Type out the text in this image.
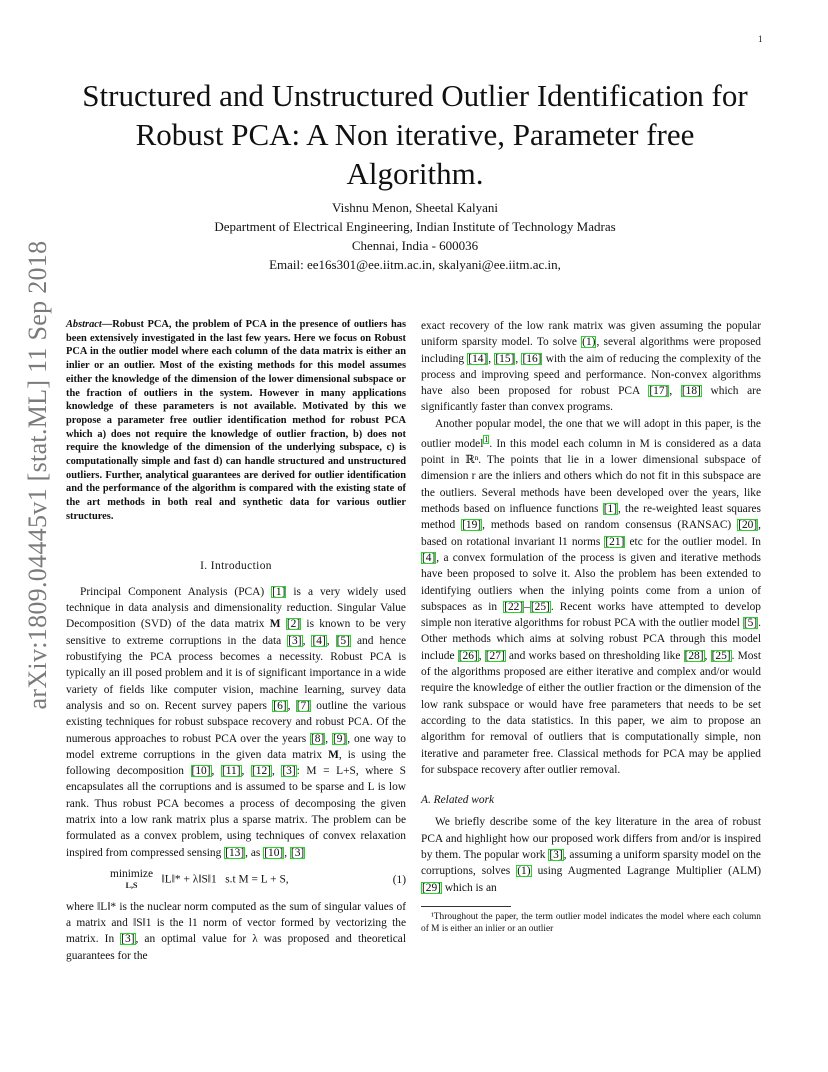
1
arXiv:1809.04445v1 [stat.ML] 11 Sep 2018
Structured and Unstructured Outlier Identification for Robust PCA: A Non iterative, Parameter free Algorithm.
Vishnu Menon, Sheetal Kalyani
Department of Electrical Engineering, Indian Institute of Technology Madras
Chennai, India - 600036
Email: ee16s301@ee.iitm.ac.in, skalyani@ee.iitm.ac.in,

Abstract—Robust PCA, the problem of PCA in the presence of outliers has been extensively investigated in the last few years. Here we focus on Robust PCA in the outlier model where each column of the data matrix is either an inlier or an outlier. Most of the existing methods for this model assumes either the knowledge of the dimension of the lower dimensional subspace or the fraction of outliers in the system. However in many applications knowledge of these parameters is not available. Motivated by this we propose a parameter free outlier identification method for robust PCA which a) does not require the knowledge of outlier fraction, b) does not require the knowledge of the dimension of the underlying subspace, c) is computationally simple and fast d) can handle structured and unstructured outliers. Further, analytical guarantees are derived for outlier identification and the performance of the algorithm is compared with the existing state of the art methods in both real and synthetic data for various outlier structures.

I. Introduction

Principal Component Analysis (PCA) [1] is a very widely used technique in data analysis and dimensionality reduction. Singular Value Decomposition (SVD) of the data matrix M [2] is known to be very sensitive to extreme corruptions in the data [3], [4], [5] and hence robustifying the PCA process becomes a necessity. Robust PCA is typically an ill posed problem and it is of significant importance in a wide variety of fields like computer vision, machine learning, survey data analysis and so on. Recent survey papers [6], [7] outline the various existing techniques for robust subspace recovery and robust PCA. Of the numerous approaches to robust PCA over the years [8], [9], one way to model extreme corruptions in the given data matrix M, is using the following decomposition [10], [11], [12], [3]: M = L+S, where S encapsulates all the corruptions and is assumed to be sparse and L is low rank. Thus robust PCA becomes a process of decomposing the given matrix into a low rank matrix plus a sparse matrix. The problem can be formulated as a convex problem, using techniques of convex relaxation inspired from compressed sensing [13], as [10], [3]

minimize
L,S ‖L‖* + λ‖S‖1 s.t M = L + S,	(1)

where ‖L‖* is the nuclear norm computed as the sum of singular values of a matrix and ‖S‖1 is the l1 norm of vector formed by vectorizing the matrix. In [3], an optimal value for λ was proposed and theoretical guarantees for the

exact recovery of the low rank matrix was given assuming the popular uniform sparsity model. To solve (1), several algorithms were proposed including [14], [15], [16] with the aim of reducing the complexity of the process and improving speed and performance. Non-convex algorithms have also been proposed for robust PCA [17], [18] which are significantly faster than convex programs.

Another popular model, the one that we will adopt in this paper, is the outlier model$^1$. In this model each column in M is considered as a data point in ℝⁿ. The points that lie in a lower dimensional subspace of dimension r are the inliers and others which do not fit in this subspace are the outliers. Several methods have been developed over the years, like methods based on influence functions [1], the re-weighted least squares method [19], methods based on random consensus (RANSAC) [20], based on rotational invariant l1 norms [21] etc for the outlier model. In [4], a convex formulation of the process is given and iterative methods have been proposed to solve it. Also the problem has been extended to identifying outliers when the inlying points come from a union of subspaces as in [22]–[25]. Recent works have attempted to develop simple non iterative algorithms for robust PCA with the outlier model [5]. Other methods which aims at solving robust PCA through this model include [26], [27] and works based on thresholding like [28], [25]. Most of the algorithms proposed are either iterative and complex and/or would require the knowledge of either the outlier fraction or the dimension of the low rank subspace or would have free parameters that needs to be set according to the data statistics. In this paper, we aim to propose an algorithm for removal of outliers that is computationally simple, non iterative and parameter free. Classical methods for PCA may be applied for subspace recovery after outlier removal.

A. Related work

We briefly describe some of the key literature in the area of robust PCA and highlight how our proposed work differs from and/or is inspired by them. The popular work [3], assuming a uniform sparsity model on the corruptions, solves (1) using Augmented Lagrange Multiplier (ALM) [29] which is an

¹Throughout the paper, the term outlier model indicates the model where each column of M is either an inlier or an outlier
